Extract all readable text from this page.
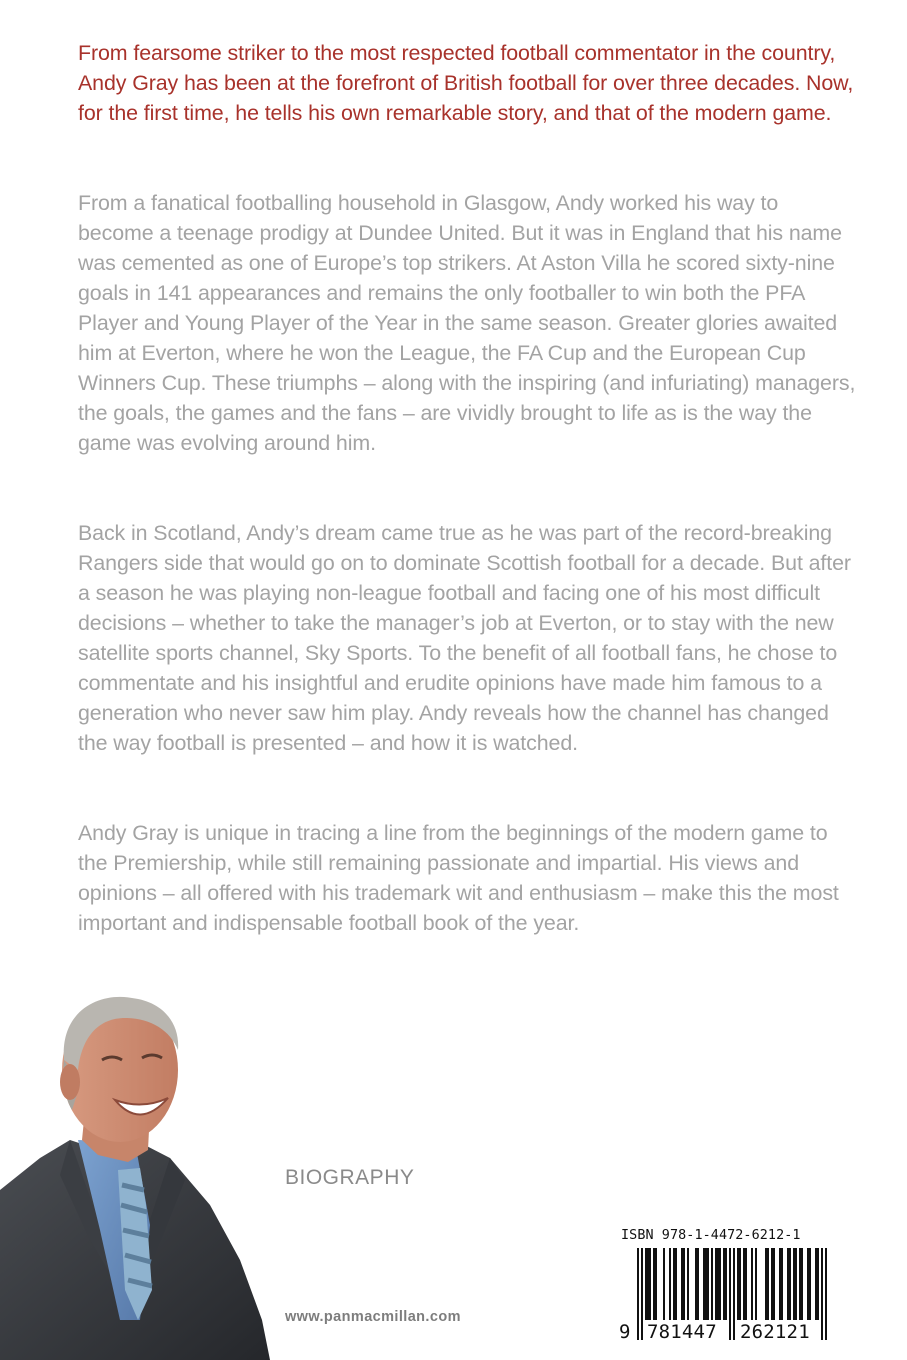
From fearsome striker to the most respected football commentator in the country, Andy Gray has been at the forefront of British football for over three decades. Now, for the first time, he tells his own remarkable story, and that of the modern game.

From a fanatical footballing household in Glasgow, Andy worked his way to become a teenage prodigy at Dundee United. But it was in England that his name was cemented as one of Europe’s top strikers. At Aston Villa he scored sixty-nine goals in 141 appearances and remains the only footballer to win both the PFA Player and Young Player of the Year in the same season. Greater glories awaited him at Everton, where he won the League, the FA Cup and the European Cup Winners Cup. These triumphs – along with the inspiring (and infuriating) managers, the goals, the games and the fans – are vividly brought to life as is the way the game was evolving around him.

Back in Scotland, Andy’s dream came true as he was part of the record-breaking Rangers side that would go on to dominate Scottish football for a decade. But after a season he was playing non-league football and facing one of his most difficult decisions – whether to take the manager’s job at Everton, or to stay with the new satellite sports channel, Sky Sports. To the benefit of all football fans, he chose to commentate and his insightful and erudite opinions have made him famous to a generation who never saw him play. Andy reveals how the channel has changed the way football is presented – and how it is watched.

Andy Gray is unique in tracing a line from the beginnings of the modern game to the Premiership, while still remaining passionate and impartial. His views and opinions – all offered with his trademark wit and enthusiasm – make this the most important and indispensable football book of the year.

BIOGRAPHY
www.panmacmillan.com
ISBN 978-1-4472-6212-1
9 781447 262121
